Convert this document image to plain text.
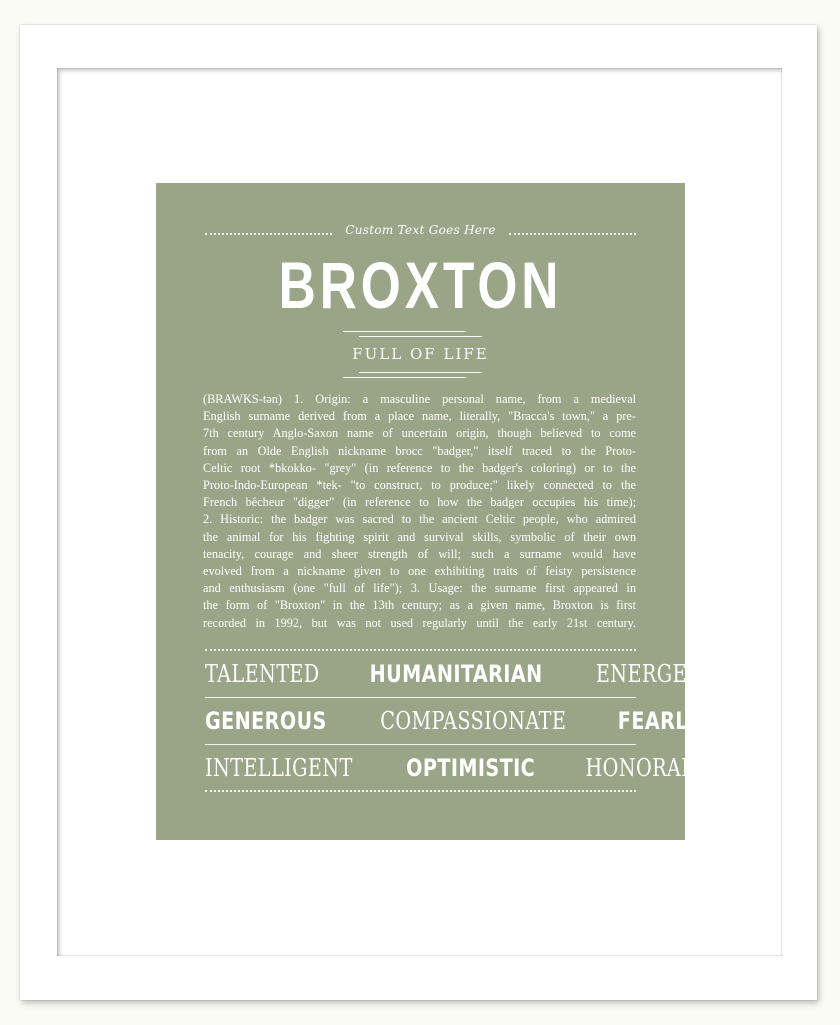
Custom Text Goes Here
BROXTON
FULL OF LIFE
(BRAWKS-tən) 1. Origin: a masculine personal name, from a medieval
English surname derived from a place name, literally, "Bracca's town," a pre-
7th century Anglo-Saxon name of uncertain origin, though believed to come
from an Olde English nickname brocc "badger," itself traced to the Proto-
Celtic root *bkokko- "grey" (in reference to the badger's coloring) or to the
Proto-Indo-European *tek- "to construct, to produce;" likely connected to the
French bêcheur "digger" (in reference to how the badger occupies his time);
2. Historic: the badger was sacred to the ancient Celtic people, who admired
the animal for his fighting spirit and survival skills, symbolic of their own
tenacity, courage and sheer strength of will; such a surname would have
evolved from a nickname given to one exhibiting traits of feisty persistence
and enthusiasm (one "full of life"); 3. Usage: the surname first appeared in
the form of "Broxton" in the 13th century; as a given name, Broxton is first
recorded in 1992, but was not used regularly until the early 21st century.
TALENTED HUMANITARIAN ENERGETIC
GENEROUS COMPASSIONATE FEARLESS
INTELLIGENT OPTIMISTIC HONORABLE
